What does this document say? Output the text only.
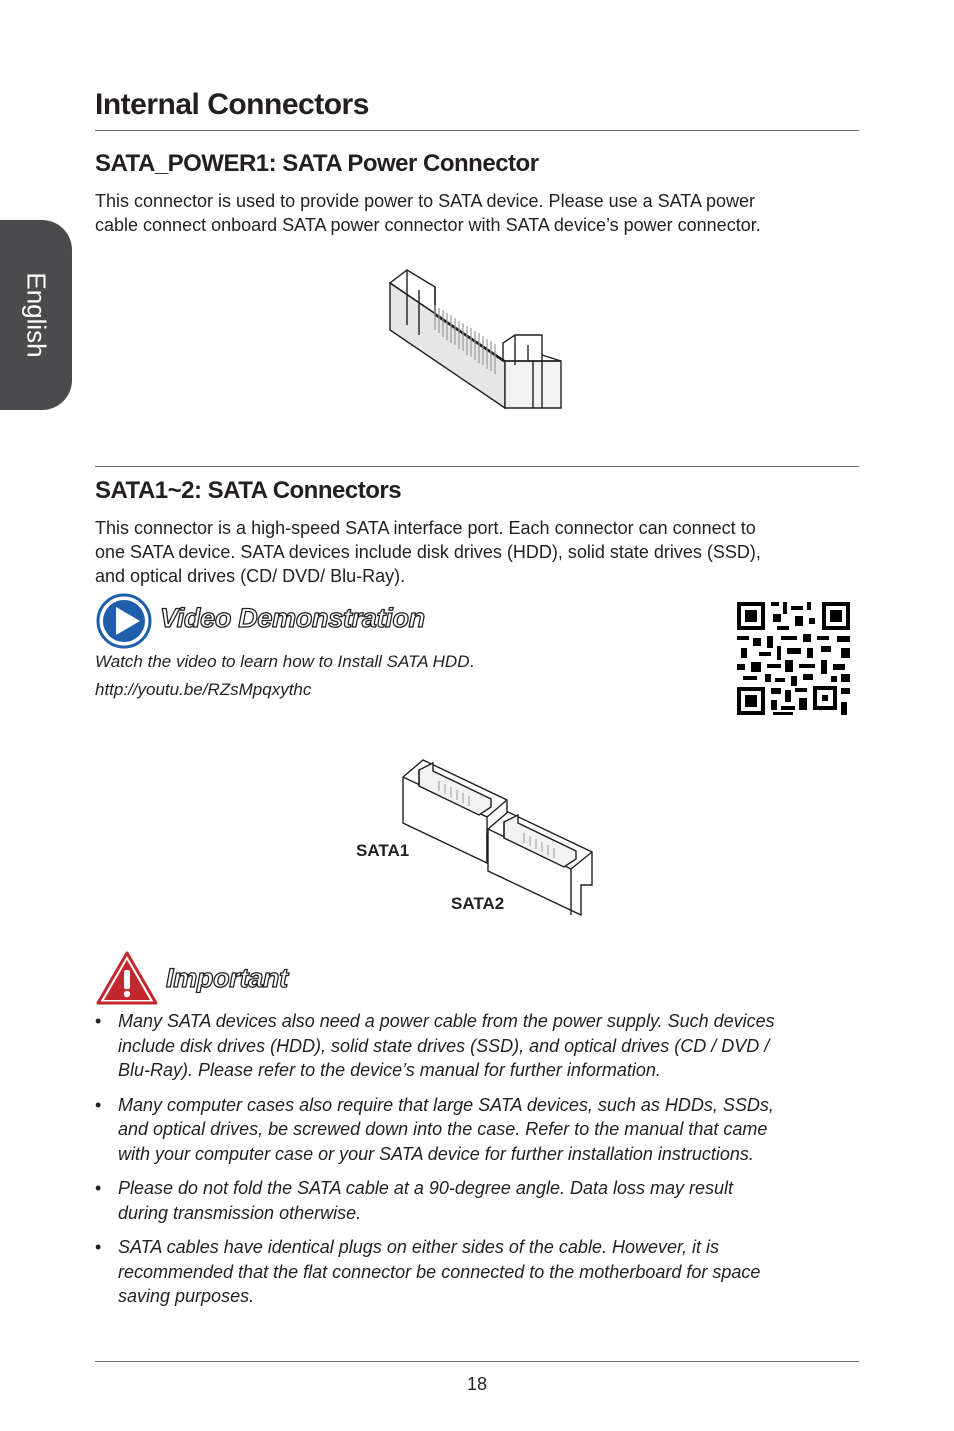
English
Internal Connectors
SATA_POWER1: SATA Power Connector
This connector is used to provide power to SATA device. Please use a SATA power
cable connect onboard SATA power connector with SATA device’s power connector.
SATA1~2: SATA Connectors
This connector is a high-speed SATA interface port. Each connector can connect to
one SATA device. SATA devices include disk drives (HDD), solid state drives (SSD),
and optical drives (CD/ DVD/ Blu-Ray).
Video Demonstration
Watch the video to learn how to Install SATA HDD.
http://youtu.be/RZsMpqxythc
SATA1
SATA2
Important
• Many SATA devices also need a power cable from the power supply. Such devices
include disk drives (HDD), solid state drives (SSD), and optical drives (CD / DVD /
Blu-Ray). Please refer to the device’s manual for further information.
• Many computer cases also require that large SATA devices, such as HDDs, SSDs,
and optical drives, be screwed down into the case. Refer to the manual that came
with your computer case or your SATA device for further installation instructions.
• Please do not fold the SATA cable at a 90-degree angle. Data loss may result
during transmission otherwise.
• SATA cables have identical plugs on either sides of the cable. However, it is
recommended that the flat connector be connected to the motherboard for space
saving purposes.
18
